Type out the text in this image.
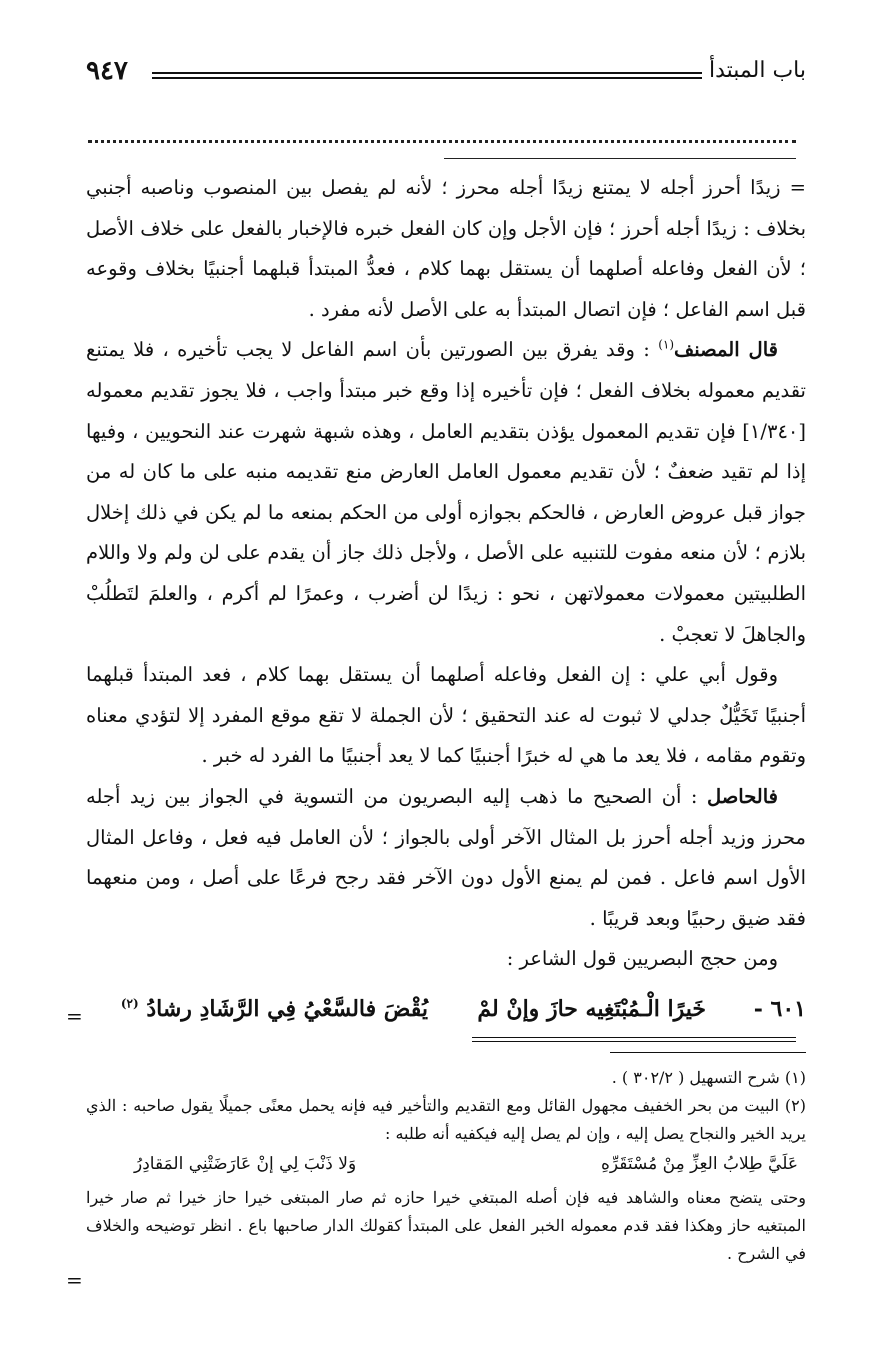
باب المبتدأ
٩٤٧

= زيدًا أحرز أجله لا يمتنع زيدًا أجله محرز ؛ لأنه لم يفصل بين المنصوب وناصبه أجنبي بخلاف : زيدًا أجله أحرز ؛ فإن الأجل وإن كان الفعل خبره فالإخبار بالفعل على خلاف الأصل ؛ لأن الفعل وفاعله أصلهما أن يستقل بهما كلام ، فعدُّ المبتدأ قبلهما أجنبيًا بخلاف وقوعه قبل اسم الفاعل ؛ فإن اتصال المبتدأ به على الأصل لأنه مفرد .

قال المصنف$^{(١)}$ : وقد يفرق بين الصورتين بأن اسم الفاعل لا يجب تأخيره ، فلا يمتنع تقديم معموله بخلاف الفعل ؛ فإن تأخيره إذا وقع خبر مبتدأ واجب ، فلا يجوز تقديم معموله [١/٣٤٠] فإن تقديم المعمول يؤذن بتقديم العامل ، وهذه شبهة شهرت عند النحويين ، وفيها إذا لم تقيد ضعفٌ ؛ لأن تقديم معمول العامل العارض منع تقديمه منبه على ما كان له من جواز قبل عروض العارض ، فالحكم بجوازه أولى من الحكم بمنعه ما لم يكن في ذلك إخلال بلازم ؛ لأن منعه مفوت للتنبيه على الأصل ، ولأجل ذلك جاز أن يقدم على لن ولم ولا واللام الطلبيتين معمولات معمولاتهن ، نحو : زيدًا لن أضرب ، وعمرًا لم أكرم ، والعلمَ لتَطلُبْ والجاهلَ لا تعجبْ .

وقول أبي علي : إن الفعل وفاعله أصلهما أن يستقل بهما كلام ، فعد المبتدأ قبلهما أجنبيًا تَخَيُّلٌ جدلي لا ثبوت له عند التحقيق ؛ لأن الجملة لا تقع موقع المفرد إلا لتؤدي معناه وتقوم مقامه ، فلا يعد ما هي له خبرًا أجنبيًا كما لا يعد أجنبيًا ما الفرد له خبر .

فالحاصل : أن الصحيح ما ذهب إليه البصريون من التسوية في الجواز بين زيد أجله محرز وزيد أجله أحرز بل المثال الآخر أولى بالجواز ؛ لأن العامل فيه فعل ، وفاعل المثال الأول اسم فاعل . فمن لم يمنع الأول دون الآخر فقد رجح فرعًا على أصل ، ومن منعهما فقد ضيق رحبيًا وبعد قريبًا .

ومن حجج البصريين قول الشاعر :

٦٠١ -
خَيرًا الْـمُبْتَغِيه حازَ وإنْ لمْ
يُقْضَ فالسَّعْيُ فِي الرَّشَادِ رشادُ $^{(٢)}$
=

(١) شرح التسهيل ( ٣٠٢/٢ ) .

(٢) البيت من بحر الخفيف مجهول القائل ومع التقديم والتأخير فيه فإنه يحمل معنًى جميلًا يقول صاحبه : الذي يريد الخير والنجاح يصل إليه ، وإن لم يصل إليه فيكفيه أنه طلبه :

عَلَيَّ طِلابُ العِزِّ مِنْ مُسْتَقَرِّهِ
وَلا ذَنْبَ لِي إنْ عَارَضَتْنِي المَقادِرُ

وحتى يتضح معناه والشاهد فيه فإن أصله المبتغي خيرا حازه ثم صار المبتغى خيرا حاز خيرا ثم صار خيرا المبتغيه حاز وهكذا فقد قدم معموله الخبر الفعل على المبتدأ كقولك الدار صاحبها باع . انظر توضيحه والخلاف في الشرح .

=
